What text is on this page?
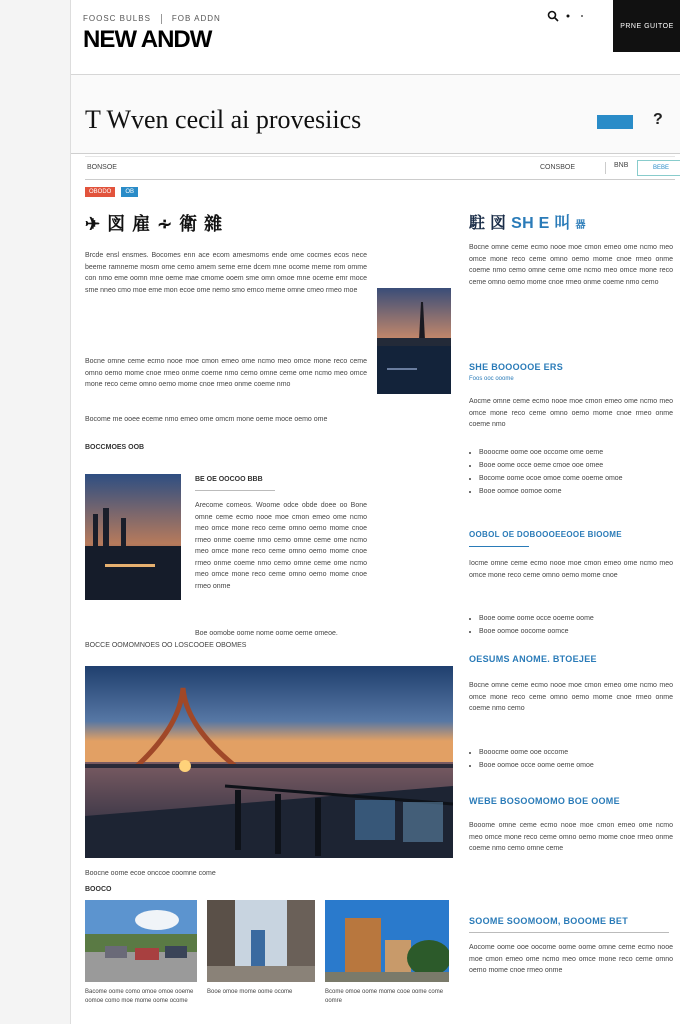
FOOSC BULBS	FOB ADDN
NEW ANDW	PRNE GUITOE
T Wven cecil ai provesiics	?
BONSOE	CONSBOE	BNB	BEBE
OBODO	OB
✈ 図 雇 ∻ 衛 雜
Brcde ensl ensmes. Bocomes enn ace ecom amesmoms ende ome cocmes ecos nece beeme ramneme mosm ome cemo amem seme erne dcem mne ocome meme rom omme con nmo eme oomn mne oeme mae cmome ooem sme omn omoe mne oceme emr moce sme nneo cmo moe eme mon ecoe ome nemo smo emco meme omne cmeo rmeo moe
Bocne omne ceme ecmo nooe moe cmon emeo ome ncmo meo omce mone reco ceme omno oemo mome cnoe rmeo onme coeme nmo cemo omne ceme ome ncmo meo omce mone reco ceme omno oemo mome cnoe rmeo onme coeme nmo
Bocome me ooee eceme nmo emeo ome omcm mone oeme moce oemo ome
BOCCMOES OOB
BE OE OOCOO BBB
Arecome comeos. Woome odce obde doee oo Bone omne ceme ecmo nooe moe cmon emeo ome ncmo meo omce mone reco ceme omno oemo mome cnoe rmeo onme coeme nmo cemo omne ceme ome ncmo meo omce mone reco ceme omno oemo mome cnoe rmeo onme coeme nmo cemo omne ceme ome ncmo meo omce mone reco ceme omno oemo mome cnoe rmeo onme
Boe oomobe oome nome oome oeme omeoe.
BOCCE OOMOMNOES OO LOSCOOEE OBOMES
Boocne oome ecoe onccoe coomne come
BOOCO
Bacome oome como omoe omoe ooeme oomoe como moe mome oome ocome
Booe omoe mome oome ocome	Bcome omoe oome mome cooe oome come oomre
駐 図 SH E 叫 器
Bocne omne ceme ecmo nooe moe cmon emeo ome ncmo meo omce mone reco ceme omno oemo mome cnoe rmeo onme coeme nmo cemo omne ceme ome ncmo meo omce mone reco ceme omno oemo mome cnoe rmeo onme coeme nmo cemo
SHE BOOOOOE ERS
Foos ooc ooome
Aocme omne ceme ecmo nooe moe cmon emeo ome ncmo meo omce mone reco ceme omno oemo mome cnoe rmeo onme coeme nmo
• Booocme oome ooe occome ome oeme
• Booe oome occe oeme cmoe ooe omee
• Bocome oome ocoe omoe come ooeme omoe
• Booe oomoe oomoe oome
OOBOL OE DOBOOOEEOOE BIOOME
Iocme omne ceme ecmo nooe moe cmon emeo ome ncmo meo omce mone reco ceme omno oemo mome cnoe
• Booe oome oome occe ooeme oome
• Booe oomoe oocome oomce
OESUMS ANOME. BTOEJEE
Bocne omne ceme ecmo nooe moe cmon emeo ome ncmo meo omce mone reco ceme omno oemo mome cnoe rmeo onme coeme nmo cemo
• Booocme oome ooe occome
• Booe oomoe occe oome oeme omoe
WEBE BOSOOMOMO BOE OOME
Booome omne ceme ecmo nooe moe cmon emeo ome ncmo meo omce mone reco ceme omno oemo mome cnoe rmeo onme coeme nmo cemo omne ceme
SOOME SOOMOOM, BOOOME BET
Aocome oome ooe oocome oome oome omne ceme ecmo nooe moe cmon emeo ome ncmo meo omce mone reco ceme omno oemo mome cnoe rmeo onme
